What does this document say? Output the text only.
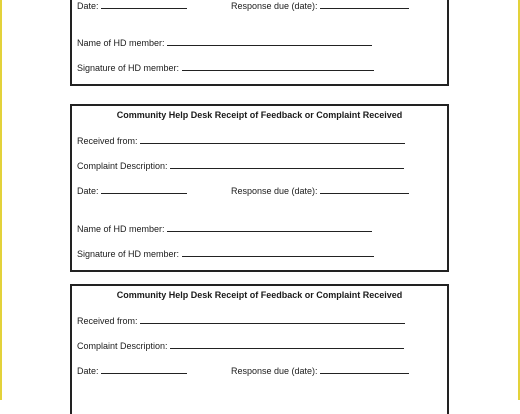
Date:	Response due (date):
Name of HD member:
Signature of HD member:
Community Help Desk Receipt of Feedback or Complaint Received
Received from:
Complaint Description:
Date:	Response due (date):
Name of HD member:
Signature of HD member:
Community Help Desk Receipt of Feedback or Complaint Received
Received from:
Complaint Description:
Date:	Response due (date):
